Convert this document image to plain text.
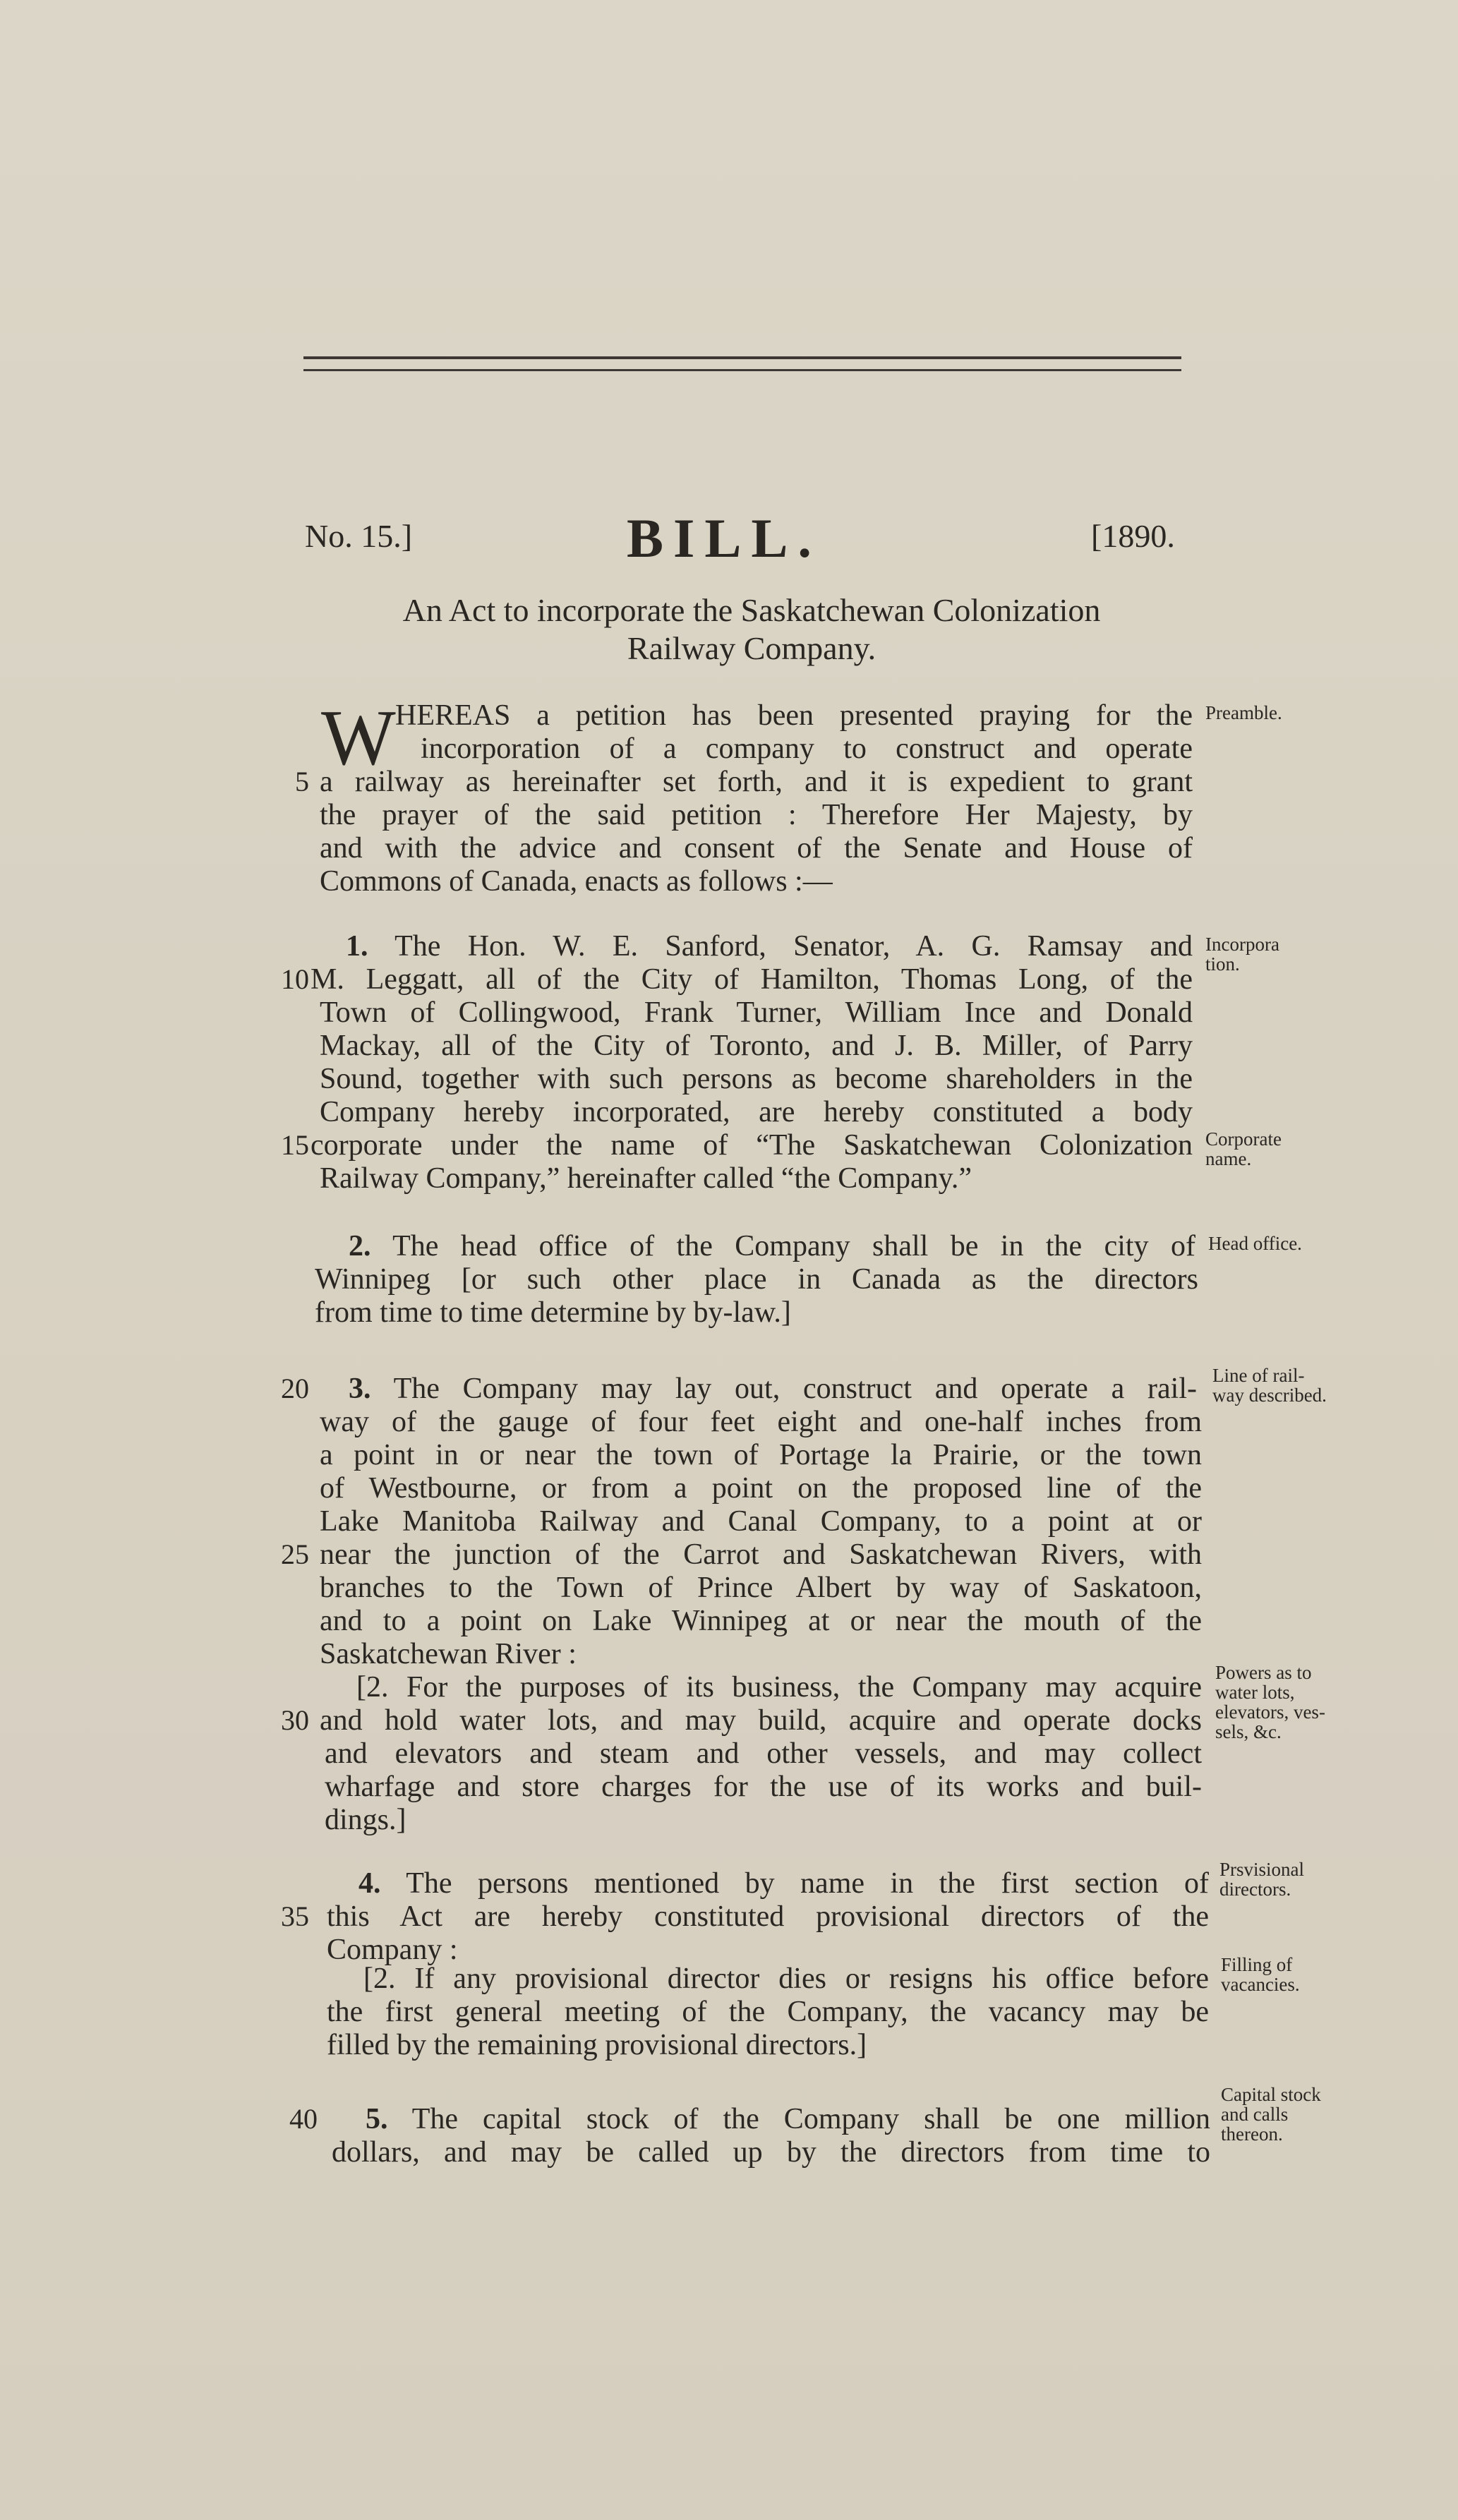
No. 15.]	BILL.	[1890.
An Act to incorporate the Saskatchewan Colonization
Railway Company.
W HEREAS a petition has been presented praying for the
incorporation of a company to construct and operate
5 a railway as hereinafter set forth, and it is expedient to grant
the prayer of the said petition : Therefore Her Majesty, by
and with the advice and consent of the Senate and House of
Commons of Canada, enacts as follows :—
1. The Hon. W. E. Sanford, Senator, A. G. Ramsay and
10 M. Leggatt, all of the City of Hamilton, Thomas Long, of the
Town of Collingwood, Frank Turner, William Ince and Donald
Mackay, all of the City of Toronto, and J. B. Miller, of Parry
Sound, together with such persons as become shareholders in the
Company hereby incorporated, are hereby constituted a body
15 corporate under the name of “The Saskatchewan Colonization
Railway Company,” hereinafter called “the Company.”
2. The head office of the Company shall be in the city of
Winnipeg [or such other place in Canada as the directors
from time to time determine by by-law.]
20 3. The Company may lay out, construct and operate a rail-
way of the gauge of four feet eight and one-half inches from
a point in or near the town of Portage la Prairie, or the town
of Westbourne, or from a point on the proposed line of the
Lake Manitoba Railway and Canal Company, to a point at or
25 near the junction of the Carrot and Saskatchewan Rivers, with
branches to the Town of Prince Albert by way of Saskatoon,
and to a point on Lake Winnipeg at or near the mouth of the
Saskatchewan River :
[2. For the purposes of its business, the Company may acquire
30 and hold water lots, and may build, acquire and operate docks
and elevators and steam and other vessels, and may collect
wharfage and store charges for the use of its works and buil-
dings.]
4. The persons mentioned by name in the first section of
35 this Act are hereby constituted provisional directors of the
Company :
[2. If any provisional director dies or resigns his office before
the first general meeting of the Company, the vacancy may be
filled by the remaining provisional directors.]
40 5. The capital stock of the Company shall be one million
dollars, and may be called up by the directors from time to
Preamble.
Incorpora
tion.
Corporate
name.
Head office.
Line of rail-
way described.
Powers as to
water lots,
elevators, ves-
sels, &c.
Prsvisional
directors.
Filling of
vacancies.
Capital stock
and calls
thereon.
